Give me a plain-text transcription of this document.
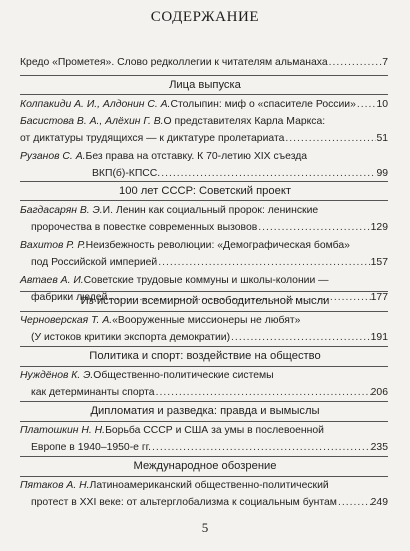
СОДЕРЖАНИЕ
Кредо «Прометея». Слово редколлегии к читателям альманаха .....	7
Лица выпуска
Колпакиди А. И., Алдонин С. А. Столыпин: миф о «спасителе России» ..... 10
Басистова В. А., Алёхин Г. В. О представителях Карла Маркса:
от диктатуры трудящихся — к диктатуре пролетариата .....	51
Рузанов С. А. Без права на отставку. К 70-летию XIX съезда
ВКП(б)-КПСС. .....	99
100 лет СССР: Советский проект
Багдасарян В. Э. И. Ленин как социальный пророк: ленинские
пророчества в повестке современных вызовов .....	129
Вахитов Р. Р. Неизбежность революции: «Демографическая бомба»
под Российской империей .....	157
Автаев А. И. Советские трудовые коммуны и школы-колонии —
фабрики людей .....	177
Из истории всемирной освободительной мысли
Черноверская Т. А. «Вооруженные миссионеры не любят»
(У истоков критики экспорта демократии) .....	191
Политика и спорт: воздействие на общество
Нуждёнов К. Э. Общественно-политические системы
как детерминанты спорта .....	206
Дипломатия и разведка: правда и вымыслы
Платошкин Н. Н. Борьба СССР и США за умы в послевоенной
Европе в 1940–1950-е гг. .....	235
Международное обозрение
Пятаков А. Н. Латиноамериканский общественно-политический
протест в XXI веке: от альтерглобализма к социальным бунтам .....	249
5
